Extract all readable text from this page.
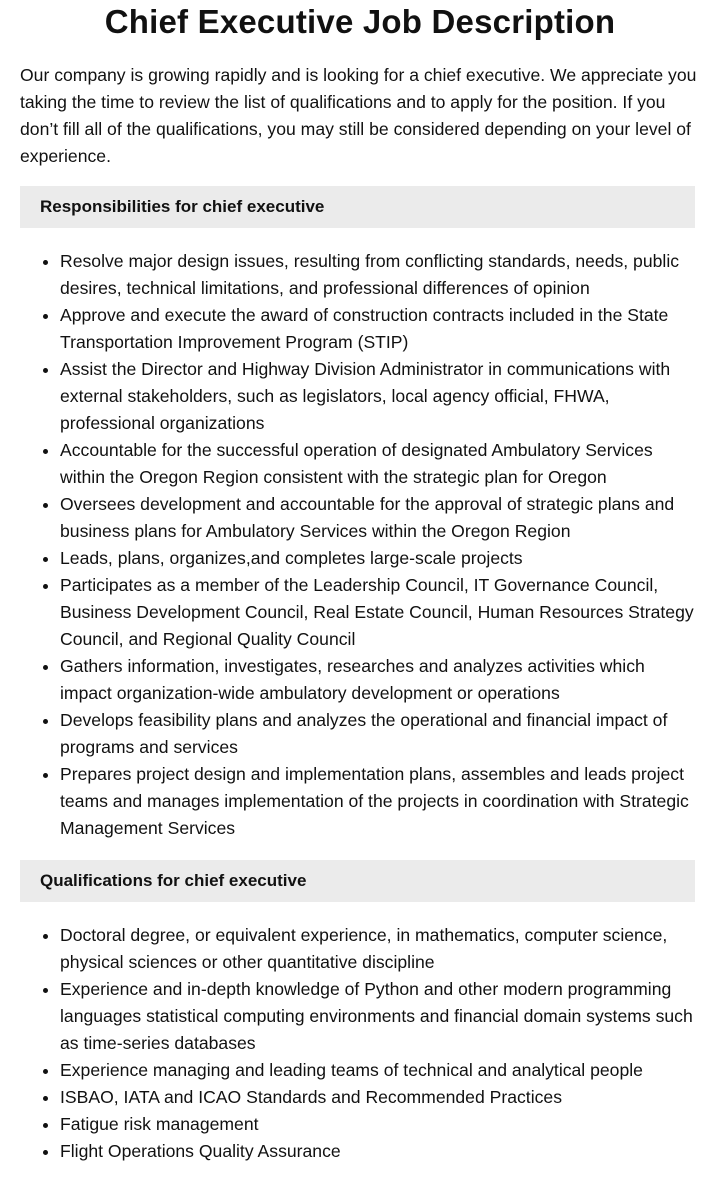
Chief Executive Job Description

Our company is growing rapidly and is looking for a chief executive. We appreciate you taking the time to review the list of qualifications and to apply for the position. If you don’t fill all of the qualifications, you may still be considered depending on your level of experience.

Responsibilities for chief executive
• Resolve major design issues, resulting from conflicting standards, needs, public desires, technical limitations, and professional differences of opinion
• Approve and execute the award of construction contracts included in the State Transportation Improvement Program (STIP)
• Assist the Director and Highway Division Administrator in communications with external stakeholders, such as legislators, local agency official, FHWA, professional organizations
• Accountable for the successful operation of designated Ambulatory Services within the Oregon Region consistent with the strategic plan for Oregon
• Oversees development and accountable for the approval of strategic plans and business plans for Ambulatory Services within the Oregon Region
• Leads, plans, organizes,and completes large-scale projects
• Participates as a member of the Leadership Council, IT Governance Council, Business Development Council, Real Estate Council, Human Resources Strategy Council, and Regional Quality Council
• Gathers information, investigates, researches and analyzes activities which impact organization-wide ambulatory development or operations
• Develops feasibility plans and analyzes the operational and financial impact of programs and services
• Prepares project design and implementation plans, assembles and leads project teams and manages implementation of the projects in coordination with Strategic Management Services
Qualifications for chief executive
• Doctoral degree, or equivalent experience, in mathematics, computer science, physical sciences or other quantitative discipline
• Experience and in-depth knowledge of Python and other modern programming languages statistical computing environments and financial domain systems such as time-series databases
• Experience managing and leading teams of technical and analytical people
• ISBAO, IATA and ICAO Standards and Recommended Practices
• Fatigue risk management
• Flight Operations Quality Assurance
